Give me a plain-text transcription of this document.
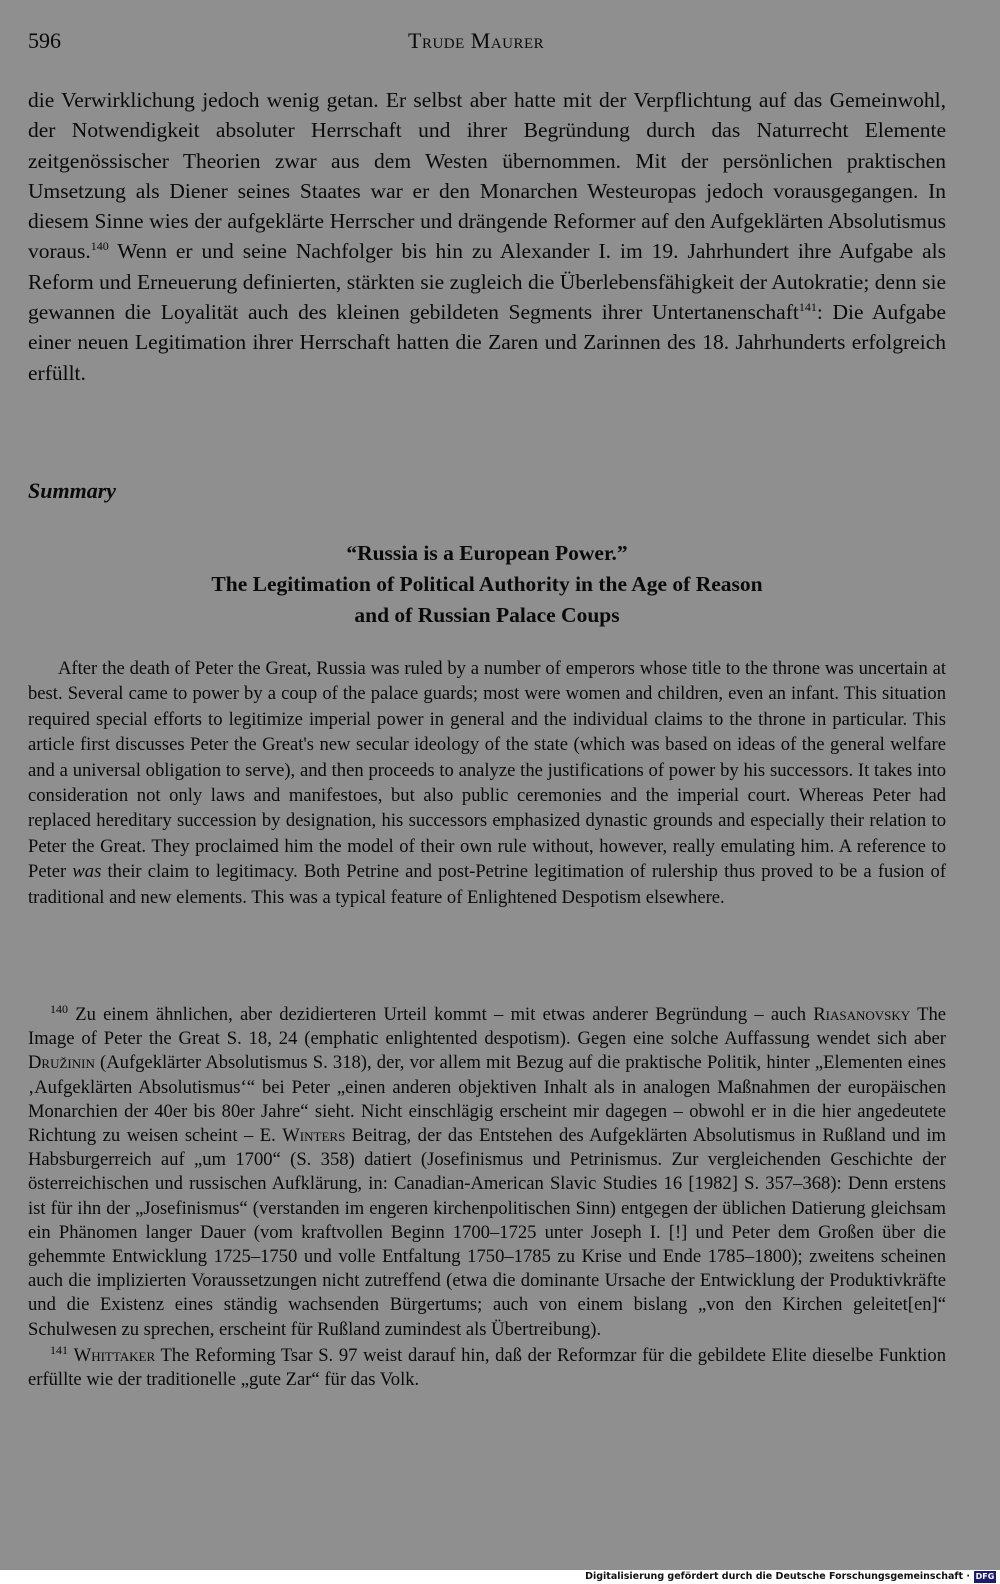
596	Trude Maurer

die Verwirklichung jedoch wenig getan. Er selbst aber hatte mit der Verpflichtung auf das Gemeinwohl, der Notwendigkeit absoluter Herrschaft und ihrer Begründung durch das Naturrecht Elemente zeitgenössischer Theorien zwar aus dem Westen übernommen. Mit der persönlichen praktischen Umsetzung als Diener seines Staates war er den Monarchen Westeuropas jedoch vorausgegangen. In diesem Sinne wies der aufgeklärte Herrscher und drängende Reformer auf den Aufgeklärten Absolutismus voraus.$^{140}$ Wenn er und seine Nachfolger bis hin zu Alexander I. im 19. Jahrhundert ihre Aufgabe als Reform und Erneuerung definierten, stärkten sie zugleich die Überlebensfähigkeit der Autokratie; denn sie gewannen die Loyalität auch des kleinen gebildeten Segments ihrer Untertanenschaft$^{141}$: Die Aufgabe einer neuen Legitimation ihrer Herrschaft hatten die Zaren und Zarinnen des 18. Jahrhunderts erfolgreich erfüllt.

Summary
“Russia is a European Power.”
The Legitimation of Political Authority in the Age of Reason
and of Russian Palace Coups

After the death of Peter the Great, Russia was ruled by a number of emperors whose title to the throne was uncertain at best. Several came to power by a coup of the palace guards; most were women and children, even an infant. This situation required special efforts to legitimize imperial power in general and the individual claims to the throne in particular. This article first discusses Peter the Great's new secular ideology of the state (which was based on ideas of the general welfare and a universal obligation to serve), and then proceeds to analyze the justifications of power by his successors. It takes into consideration not only laws and manifestoes, but also public ceremonies and the imperial court. Whereas Peter had replaced hereditary succession by designation, his successors emphasized dynastic grounds and especially their relation to Peter the Great. They proclaimed him the model of their own rule without, however, really emulating him. A reference to Peter was their claim to legitimacy. Both Petrine and post-Petrine legitimation of rulership thus proved to be a fusion of traditional and new elements. This was a typical feature of Enlightened Despotism elsewhere.

$^{140}$ Zu einem ähnlichen, aber dezidierteren Urteil kommt – mit etwas anderer Begründung – auch Riasanovsky The Image of Peter the Great S. 18, 24 (emphatic enlightented despotism). Gegen eine solche Auffassung wendet sich aber Družinin (Aufgeklärter Absolutismus S. 318), der, vor allem mit Bezug auf die praktische Politik, hinter „Elementen eines ‚Aufgeklärten Absolutismus‘“ bei Peter „einen anderen objektiven Inhalt als in analogen Maßnahmen der europäischen Monarchien der 40er bis 80er Jahre“ sieht. Nicht einschlägig erscheint mir dagegen – obwohl er in die hier angedeutete Richtung zu weisen scheint – E. Winters Beitrag, der das Entstehen des Aufgeklärten Absolutismus in Rußland und im Habsburgerreich auf „um 1700“ (S. 358) datiert (Josefinismus und Petrinismus. Zur vergleichenden Geschichte der österreichischen und russischen Aufklärung, in: Canadian-American Slavic Studies 16 [1982] S. 357–368): Denn erstens ist für ihn der „Josefinismus“ (verstanden im engeren kirchenpolitischen Sinn) entgegen der üblichen Datierung gleichsam ein Phänomen langer Dauer (vom kraftvollen Beginn 1700–1725 unter Joseph I. [!] und Peter dem Großen über die gehemmte Entwicklung 1725–1750 und volle Entfaltung 1750–1785 zu Krise und Ende 1785–1800); zweitens scheinen auch die implizierten Voraussetzungen nicht zutreffend (etwa die dominante Ursache der Entwicklung der Produktivkräfte und die Existenz eines ständig wachsenden Bürgertums; auch von einem bislang „von den Kirchen geleitet[en]“ Schulwesen zu sprechen, erscheint für Rußland zumindest als Übertreibung).

$^{141}$ Whittaker The Reforming Tsar S. 97 weist darauf hin, daß der Reformzar für die gebildete Elite dieselbe Funktion erfüllte wie der traditionelle „gute Zar“ für das Volk.

Digitalisierung gefördert durch die Deutsche Forschungsgemeinschaft · DFG
